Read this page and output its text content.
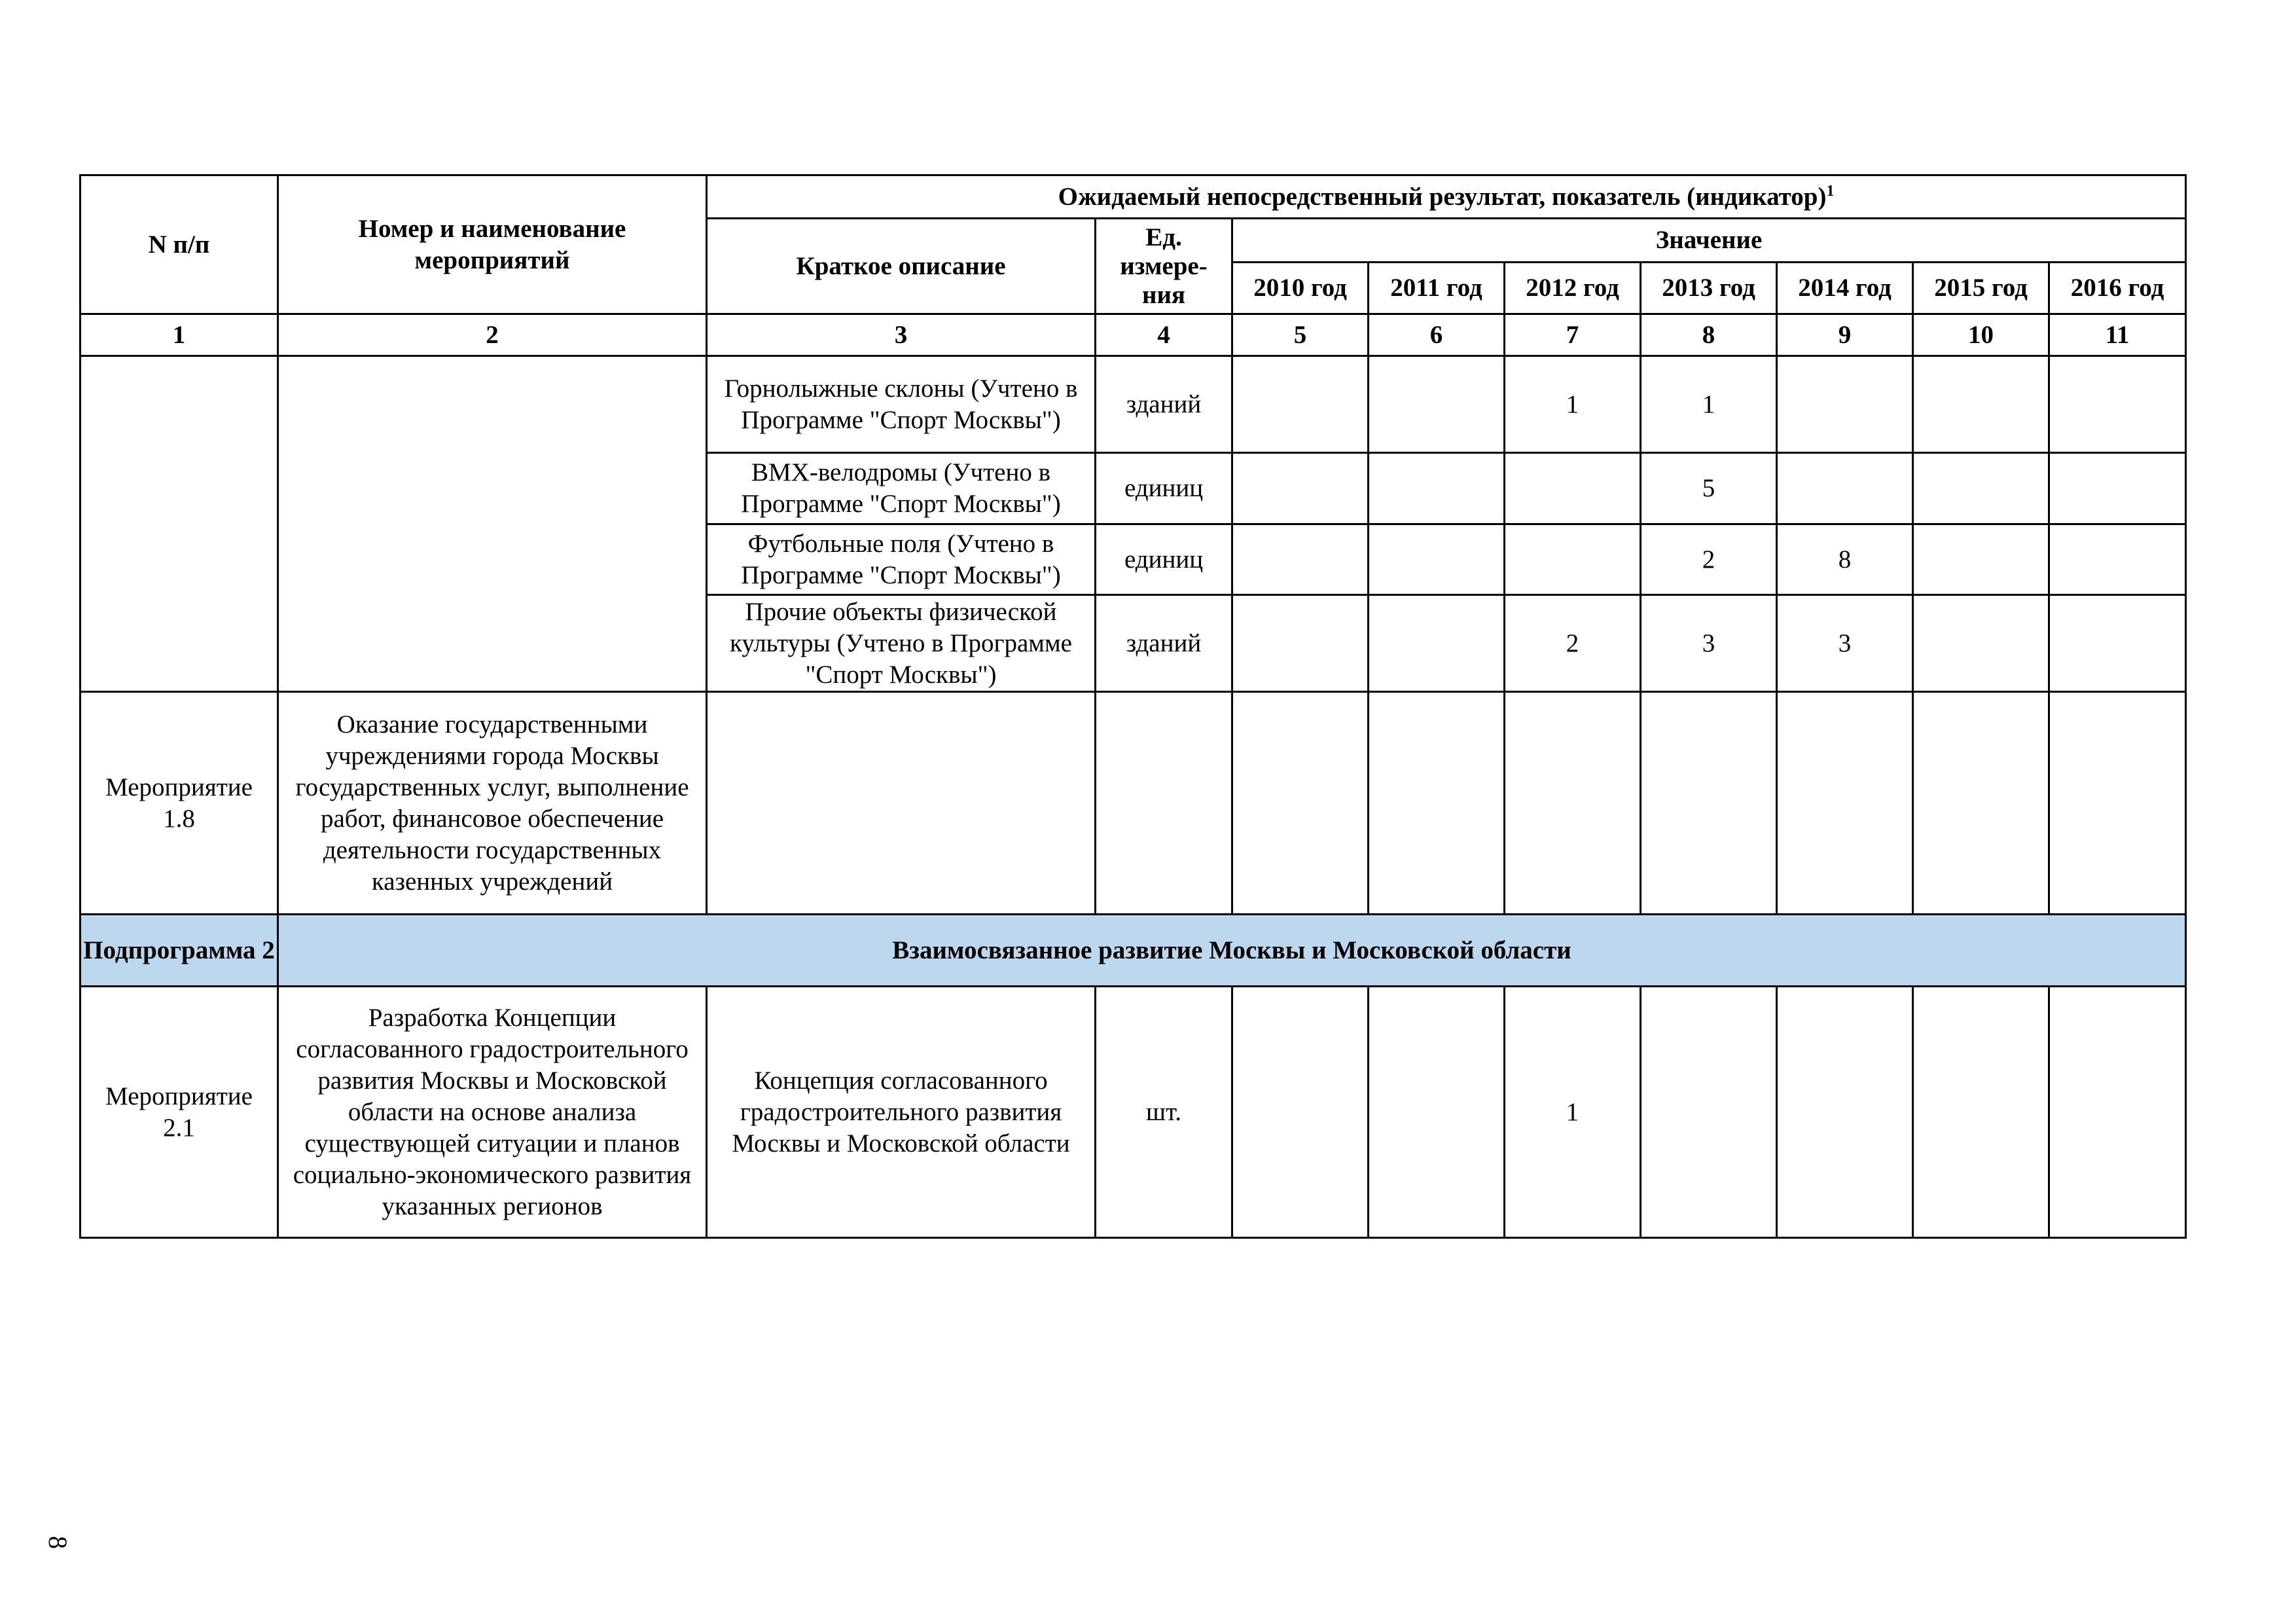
N п/п	Номер и наименование мероприятий	Ожидаемый непосредственный результат, показатель (индикатор)$^1$
		Краткое описание	Ед. измере-ния	Значение						
				2010 год	2011 год	2012 год	2013 год	2014 год	2015 год	2016 год
1	2	3	4	5	6	7	8	9	10	11
		Горнолыжные склоны (Учтено в Программе "Спорт Москвы")	зданий			1	1			
		ВМХ-велодромы (Учтено в Программе "Спорт Москвы")	единиц				5			
		Футбольные поля (Учтено в Программе "Спорт Москвы")	единиц				2	8		
		Прочие объекты физической культуры (Учтено в Программе "Спорт Москвы")	зданий			2	3	3		
Мероприятие 1.8	Оказание государственными учреждениями города Москвы государственных услуг, выполнение работ, финансовое обеспечение деятельности государственных казенных учреждений									
Подпрограмма 2	Взаимосвязанное развитие Москвы и Московской области									
Мероприятие 2.1	Разработка Концепции согласованного градостроительного развития Москвы и Московской области на основе анализа существующей ситуации и планов социально-экономического развития указанных регионов	Концепция согласованного градостроительного развития Москвы и Московской области	шт.			1				
8
